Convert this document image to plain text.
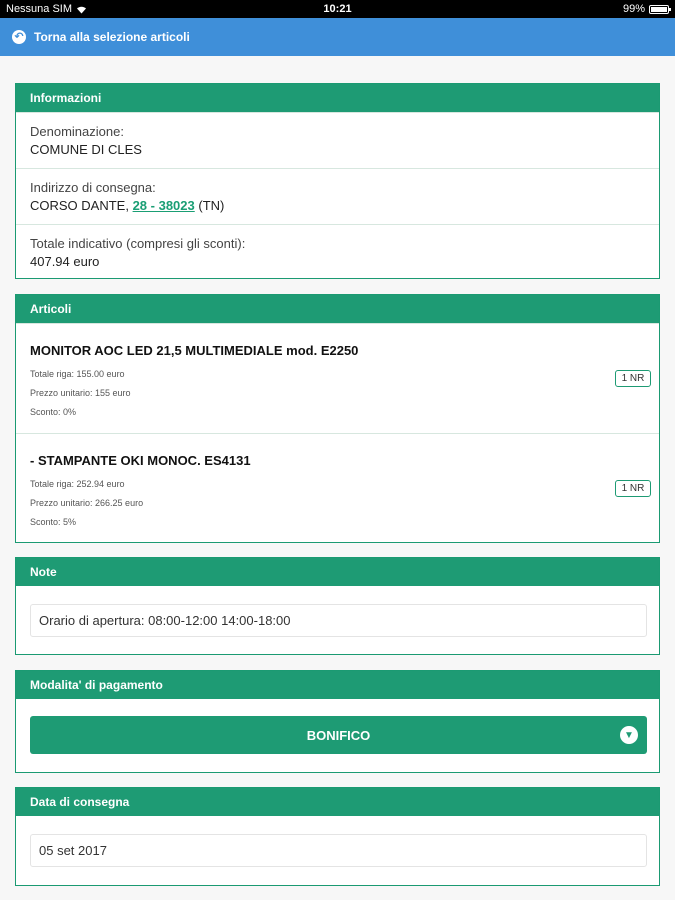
Nessuna SIM	10:21	99%
↶ Torna alla selezione articoli
Informazioni
Denominazione:
COMUNE DI CLES
Indirizzo di consegna:
CORSO DANTE, 28 - 38023 (TN)
Totale indicativo (compresi gli sconti):
407.94 euro
Articoli
MONITOR AOC LED 21,5 MULTIMEDIALE mod. E2250
Totale riga: 155.00 euro
Prezzo unitario: 155 euro
Sconto: 0%
1 NR
- STAMPANTE OKI MONOC. ES4131
Totale riga: 252.94 euro
Prezzo unitario: 266.25 euro
Sconto: 5%
1 NR
Note
Orario di apertura: 08:00-12:00 14:00-18:00
Modalita' di pagamento
BONIFICO	▼
Data di consegna
05 set 2017
